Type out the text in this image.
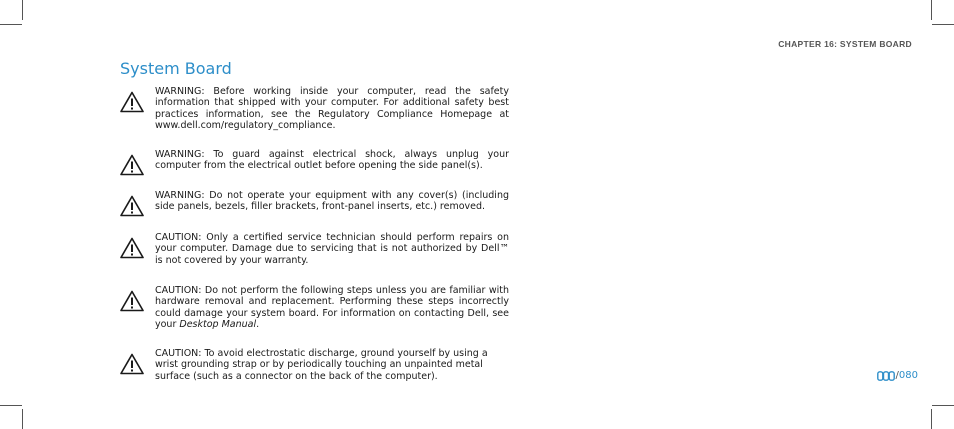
CHAPTER 16: SYSTEM BOARD
System Board

WARNING: Before working inside your computer, read the safety information that shipped with your computer. For additional safety best practices information, see the Regulatory Compliance Homepage at www.dell.com/regulatory_compliance.

WARNING: To guard against electrical shock, always unplug your computer from the electrical outlet before opening the side panel(s).

WARNING: Do not operate your equipment with any cover(s) (including side panels, bezels, filler brackets, front-panel inserts, etc.) removed.

CAUTION: Only a certified service technician should perform repairs on your computer. Damage due to servicing that is not authorized by Dell™ is not covered by your warranty.

CAUTION: Do not perform the following steps unless you are familiar with hardware removal and replacement. Performing these steps incorrectly could damage your system board. For information on contacting Dell, see your Desktop Manual.

CAUTION: To avoid electrostatic discharge, ground yourself by using a wrist grounding strap or by periodically touching an unpainted metal surface (such as a connector on the back of the computer).	/ 080
